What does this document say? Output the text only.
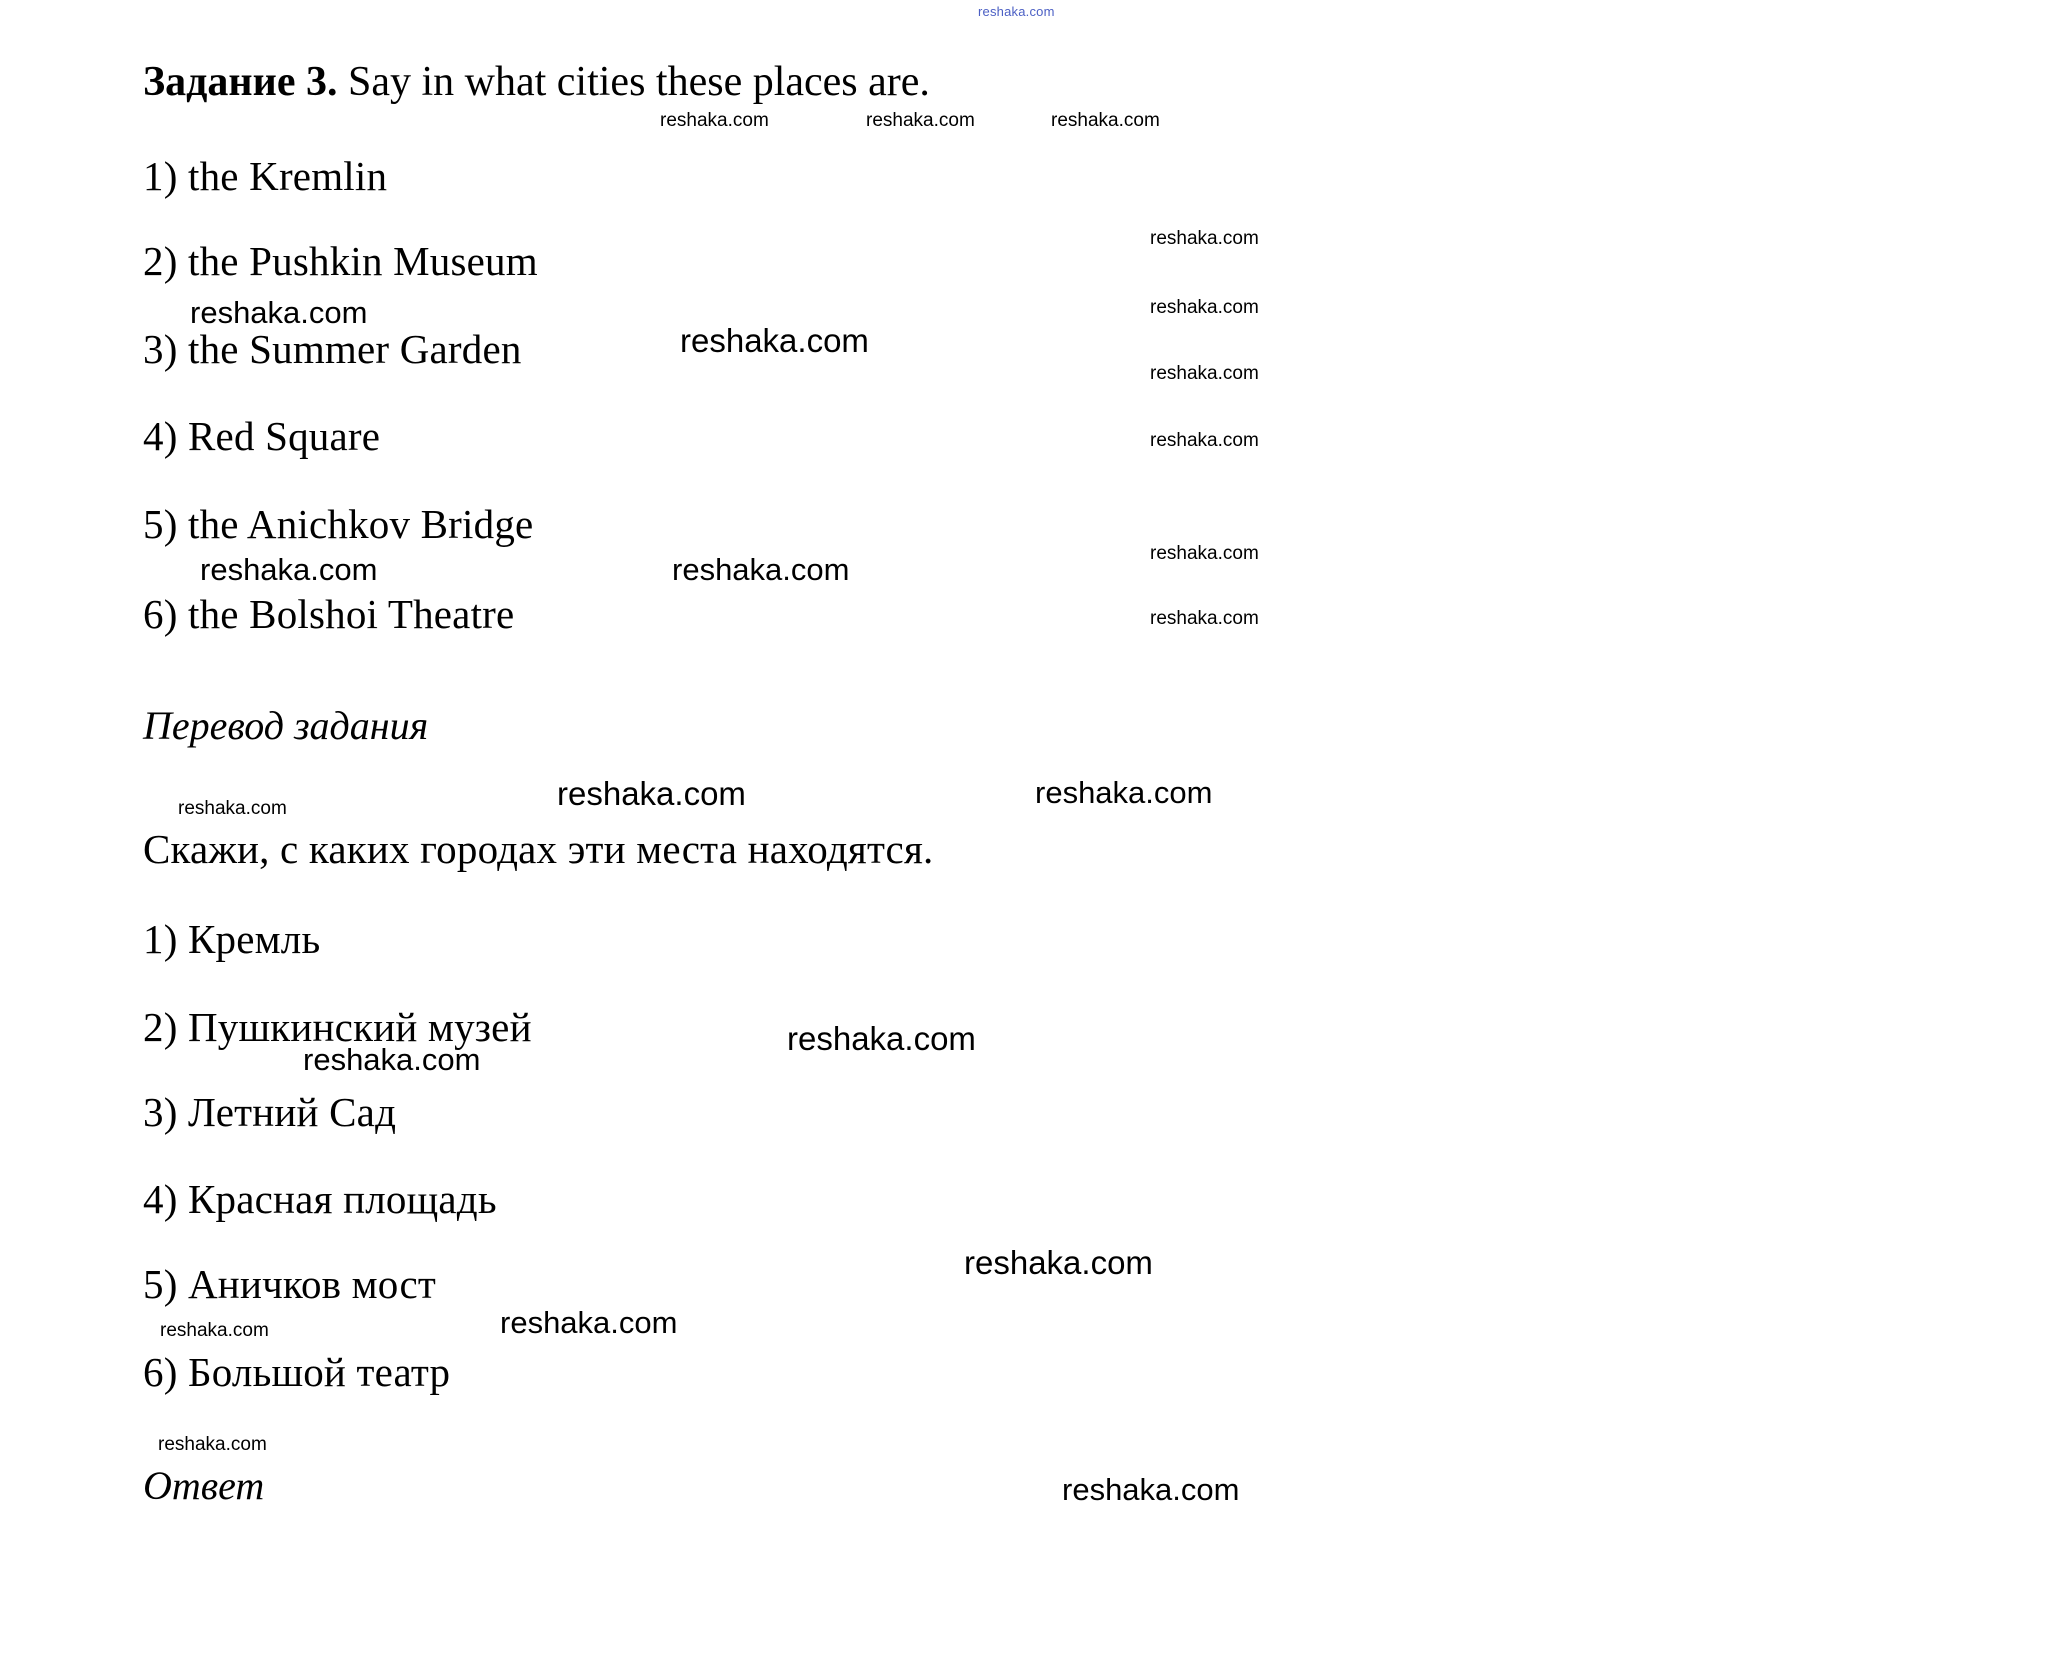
reshaka.com
Задание 3. Say in what cities these places are.
1) the Kremlin
2) the Pushkin Museum
3) the Summer Garden
4) Red Square
5) the Anichkov Bridge
6) the Bolshoi Theatre
Перевод задания
Скажи, с каких городах эти места находятся.
1) Кремль
2) Пушкинский музей
3) Летний Сад
4) Красная площадь
5) Аничков мост
6) Большой театр
Ответ
reshaka.com	reshaka.com	reshaka.com
reshaka.com
reshaka.com
reshaka.com
reshaka.com
reshaka.com
reshaka.com
reshaka.com
reshaka.com
reshaka.com	reshaka.com
reshaka.com	reshaka.com	reshaka.com
reshaka.com
reshaka.com
reshaka.com
reshaka.com	reshaka.com
reshaka.com
reshaka.com
